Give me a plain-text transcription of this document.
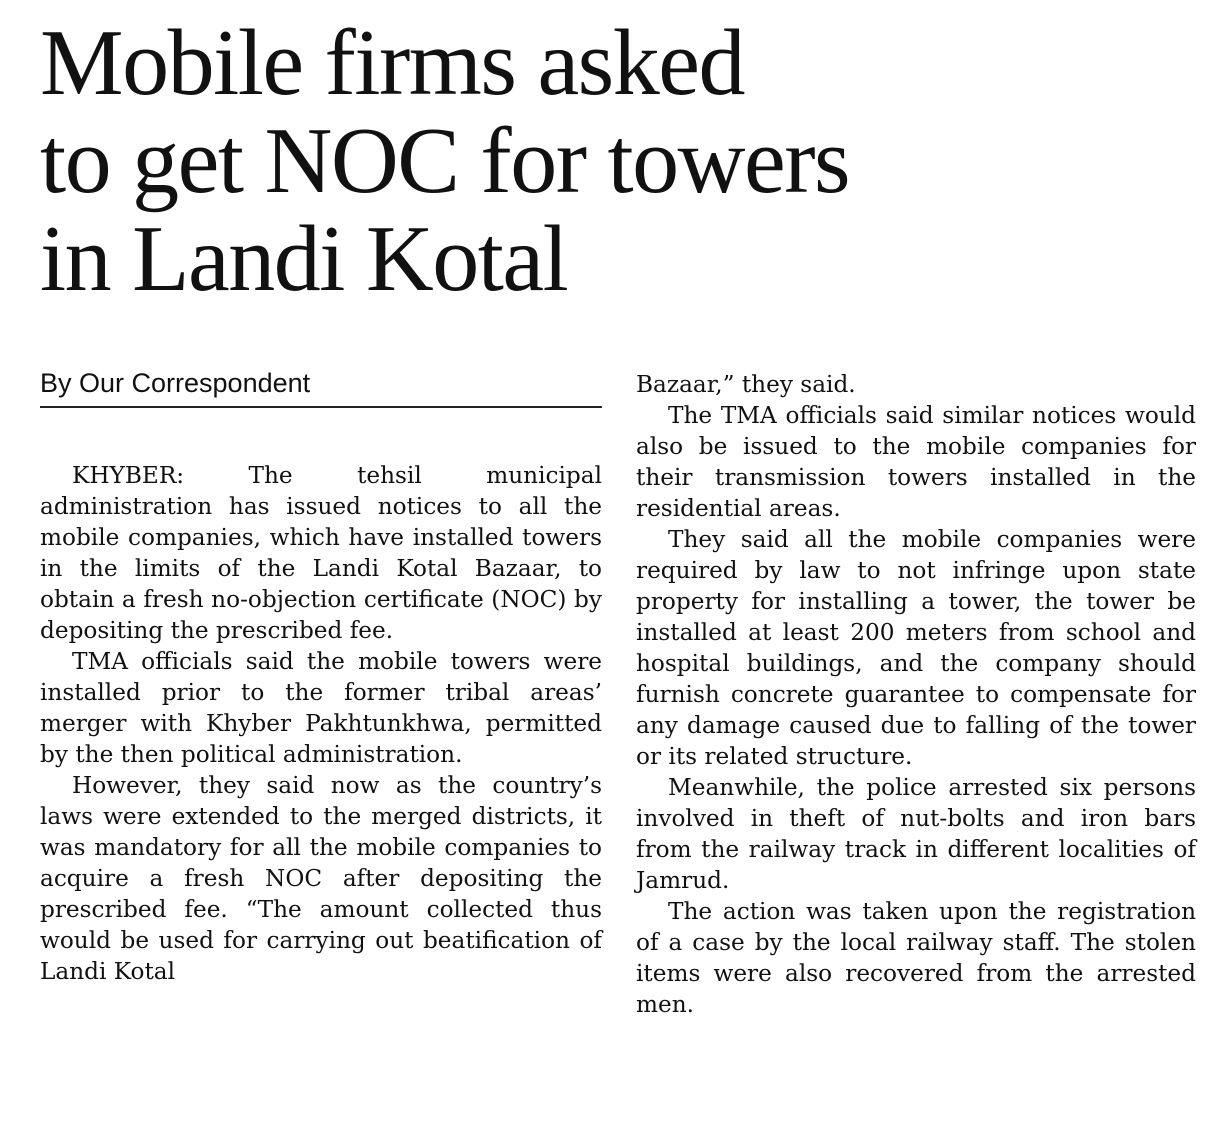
Mobile firms asked
to get NOC for towers
in Landi Kotal
By Our Correspondent

KHYBER: The tehsil municipal administration has issued notices to all the mobile companies, which have installed towers in the limits of the Landi Kotal Bazaar, to obtain a fresh no-objection certificate (NOC) by depositing the prescribed fee.

TMA officials said the mobile towers were installed prior to the former tribal areas’ merger with Khyber Pakhtunkhwa, permitted by the then political administration.

However, they said now as the country’s laws were extended to the merged districts, it was mandatory for all the mobile companies to acquire a fresh NOC after depositing the prescribed fee. “The amount collected thus would be used for carrying out beatification of Landi Kotal

Bazaar,” they said.

The TMA officials said similar notices would also be issued to the mobile companies for their transmission towers installed in the residential areas.

They said all the mobile companies were required by law to not infringe upon state property for installing a tower, the tower be installed at least 200 meters from school and hospital buildings, and the company should furnish concrete guarantee to compensate for any damage caused due to falling of the tower or its related structure.

Meanwhile, the police arrested six persons involved in theft of nut-bolts and iron bars from the railway track in different localities of Jamrud.

The action was taken upon the registration of a case by the local railway staff. The stolen items were also recovered from the arrested men.
